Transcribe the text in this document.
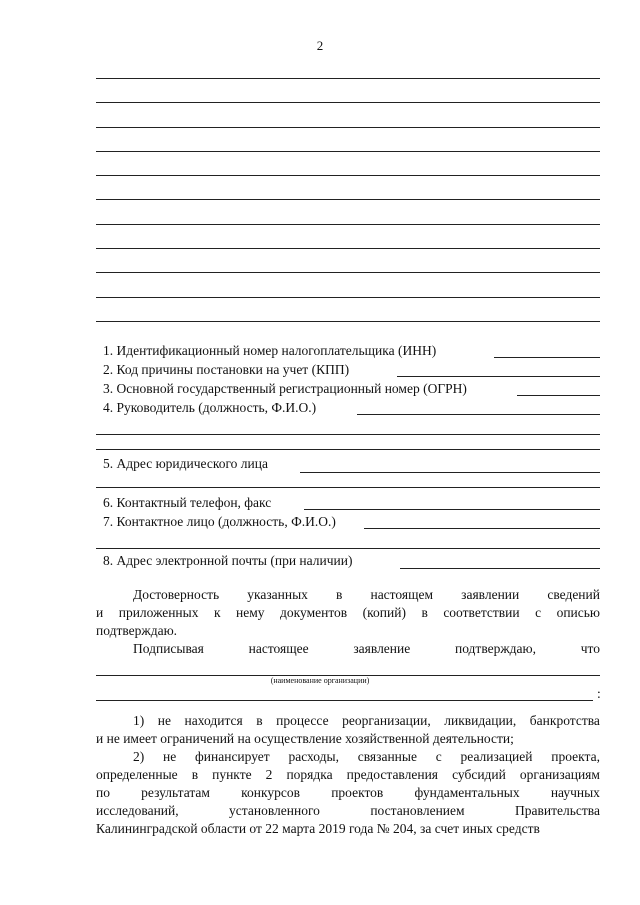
2
1. Идентификационный номер налогоплательщика (ИНН)
2. Код причины постановки на учет (КПП)
3. Основной государственный регистрационный номер (ОГРН)
4. Руководитель (должность, Ф.И.О.)
5. Адрес юридического лица
6. Контактный телефон, факс
7. Контактное лицо (должность, Ф.И.О.)
8. Адрес электронной почты (при наличии)
Достоверность указанных в настоящем заявлении сведений
и приложенных к нему документов (копий) в соответствии с описью
подтверждаю.
Подписывая	настоящее	заявление	подтверждаю,	что
(наименование организации)
:
1) не находится в процессе реорганизации, ликвидации, банкротства
и не имеет ограничений на осуществление хозяйственной деятельности;
2) не финансирует расходы, связанные с реализацией проекта,
определенные в пункте 2 порядка предоставления субсидий организациям
по результатам конкурсов проектов фундаментальных научных
исследований,	установленного	постановлением	Правительства
Калининградской области от 22 марта 2019 года № 204, за счет иных средств
